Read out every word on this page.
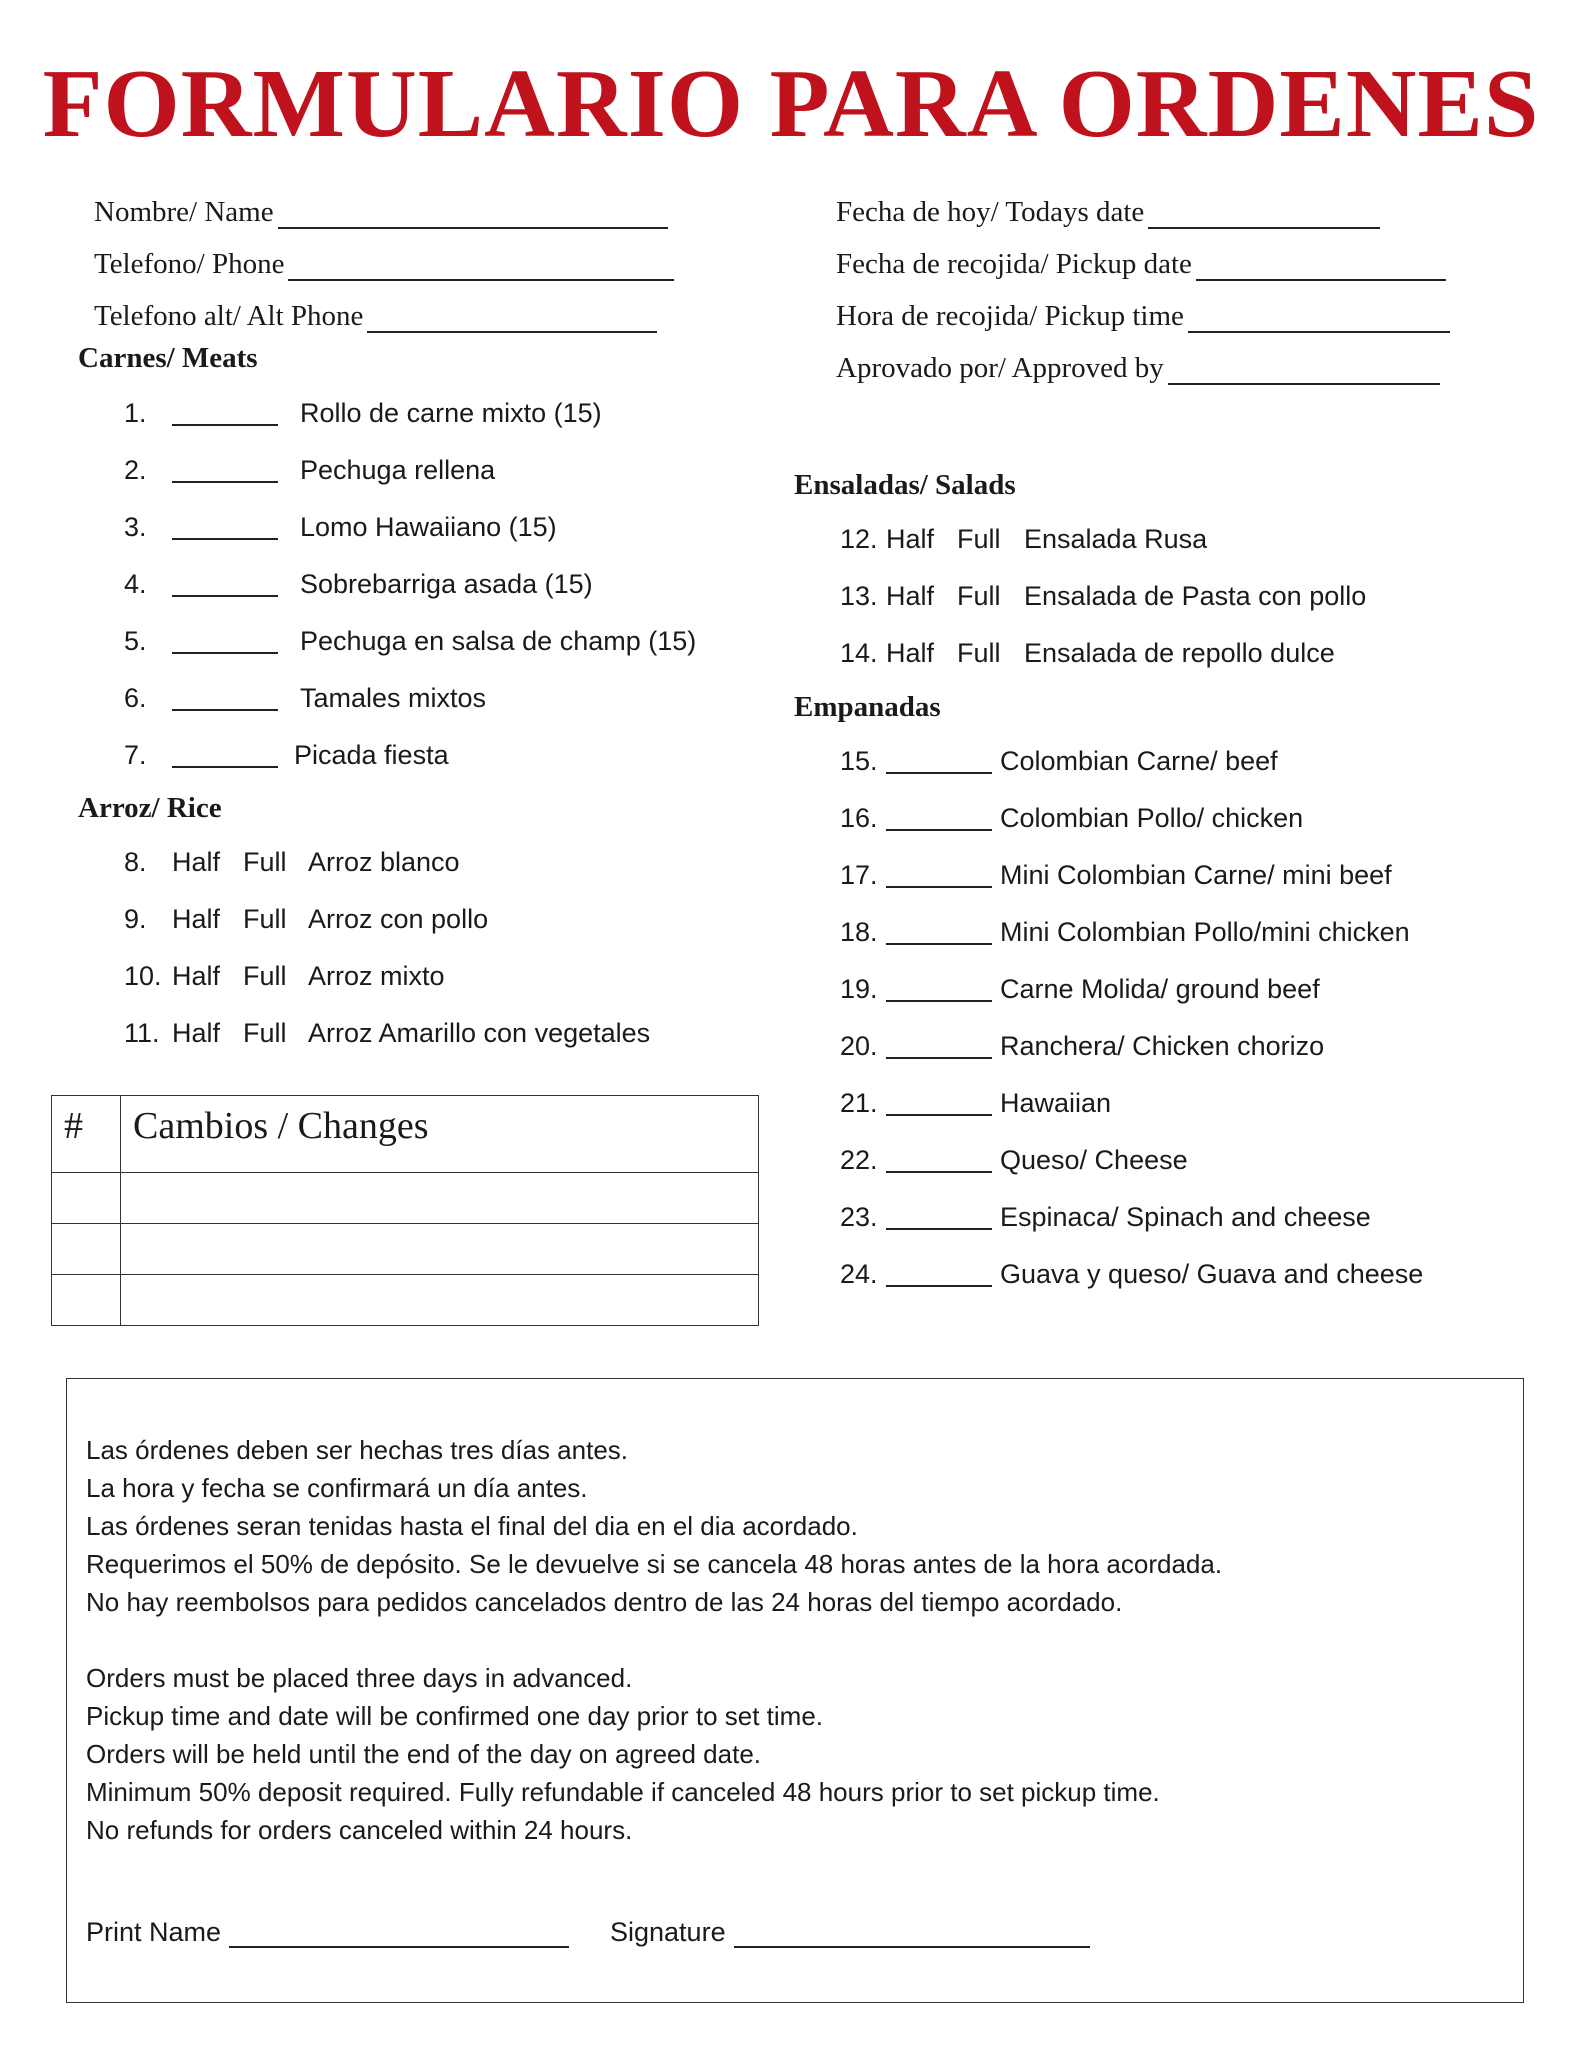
FORMULARIO PARA ORDENES
Nombre/ Name
Telefono/ Phone
Telefono alt/ Alt Phone
Fecha de hoy/ Todays date
Fecha de recojida/ Pickup date
Hora de recojida/ Pickup time
Aprovado por/ Approved by
Carnes/ Meats
1.	Rollo de carne mixto (15)
2.	Pechuga rellena
3.	Lomo Hawaiiano (15)
4.	Sobrebarriga asada (15)
5.	Pechuga en salsa de champ (15)
6.	Tamales mixtos
7.	Picada fiesta
Arroz/ Rice
8. Half Full Arroz blanco
9. Half Full Arroz con pollo
10. Half Full Arroz mixto
11. Half Full Arroz Amarillo con vegetales
Ensaladas/ Salads
12. Half Full Ensalada Rusa
13. Half Full Ensalada de Pasta con pollo
14. Half Full Ensalada de repollo dulce
Empanadas
15.	Colombian Carne/ beef
16.	Colombian Pollo/ chicken
17.	Mini Colombian Carne/ mini beef
18.	Mini Colombian Pollo/mini chicken
19.	Carne Molida/ ground beef
20.	Ranchera/ Chicken chorizo
21.	Hawaiian
22.	Queso/ Cheese
23.	Espinaca/ Spinach and cheese
24.	Guava y queso/ Guava and cheese
#	Cambios / Changes

Las órdenes deben ser hechas tres días antes.
La hora y fecha se confirmará un día antes.
Las órdenes seran tenidas hasta el final del dia en el dia acordado.
Requerimos el 50% de depósito. Se le devuelve si se cancela 48 horas antes de la hora acordada.
No hay reembolsos para pedidos cancelados dentro de las 24 horas del tiempo acordado.
Orders must be placed three days in advanced.
Pickup time and date will be confirmed one day prior to set time.
Orders will be held until the end of the day on agreed date.
Minimum 50% deposit required. Fully refundable if canceled 48 hours prior to set pickup time.
No refunds for orders canceled within 24 hours.
Print Name	Signature
